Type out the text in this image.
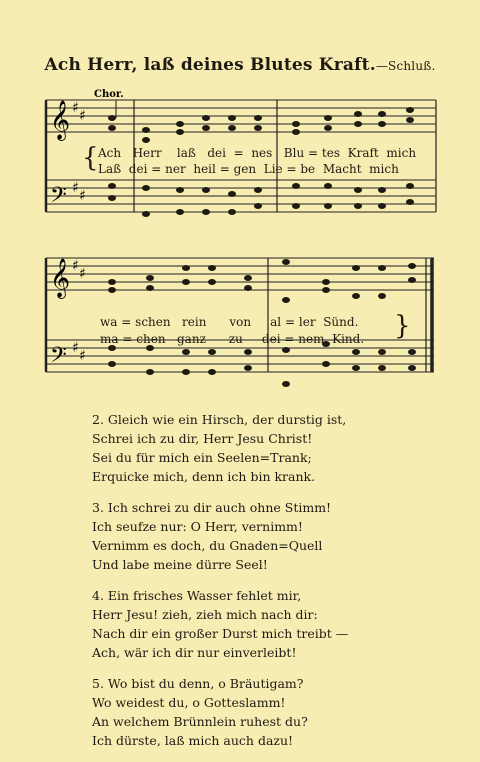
Ach Herr, laß deines Blutes Kraft.—Schluß.
Chor.
𝄞
𝄢
♯ ♯
♯ ♯
𝄞
𝄢
♯ ♯
♯ ♯
{ Ach Herr laß dei = nes Blu = tes Kraft mich
Laß dei = ner heil = gen Lie = be Macht mich
wa = schen rein von al = ler Sünd.
ma = chen ganz zu dei = nem Kind. }
2. Gleich wie ein Hirsch, der durstig ist,
Schrei ich zu dir, Herr Jesu Christ!
Sei du für mich ein Seelen=Trank;
Erquicke mich, denn ich bin krank.
3. Ich schrei zu dir auch ohne Stimm!
Ich seufze nur: O Herr, vernimm!
Vernimm es doch, du Gnaden=Quell
Und labe meine dürre Seel!
4. Ein frisches Wasser fehlet mir,
Herr Jesu! zieh, zieh mich nach dir:
Nach dir ein großer Durst mich treibt —
Ach, wär ich dir nur einverleibt!
5. Wo bist du denn, o Bräutigam?
Wo weidest du, o Gotteslamm!
An welchem Brünnlein ruhest du?
Ich dürste, laß mich auch dazu!
